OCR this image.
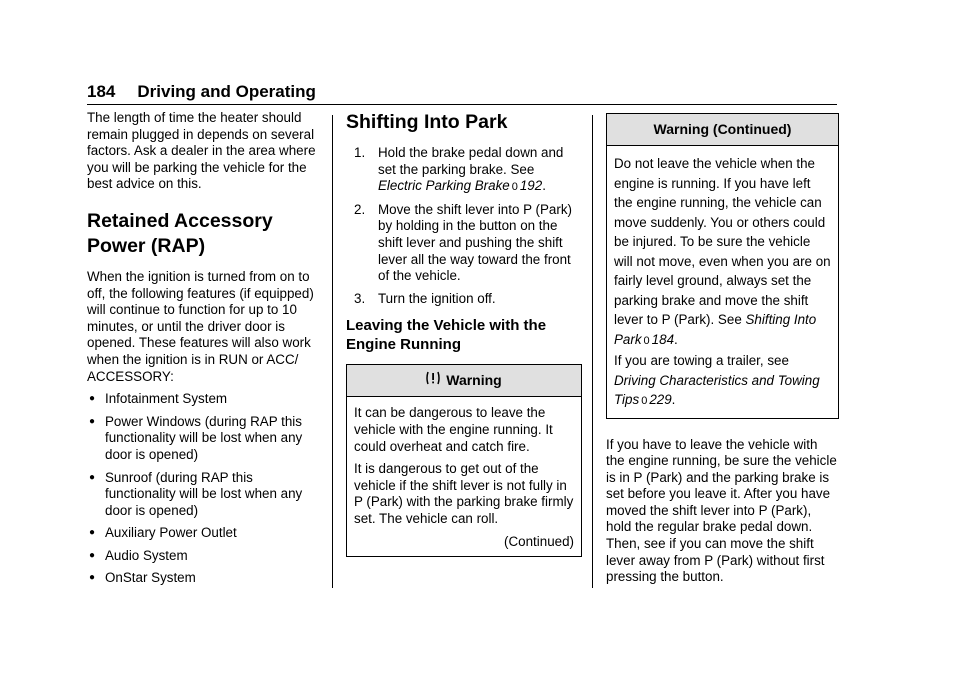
184 Driving and Operating

The length of time the heater should remain plugged in depends on several factors. Ask a dealer in the area where you will be parking the vehicle for the best advice on this.

Retained Accessory
Power (RAP)

When the ignition is turned from on to off, the following features (if equipped) will continue to function for up to 10 minutes, or until the driver door is opened. These features will also work when the ignition is in RUN or ACC/ ACCESSORY:

● Infotainment System
● Power Windows (during RAP this functionality will be lost when any door is opened)
● Sunroof (during RAP this functionality will be lost when any door is opened)
● Auxiliary Power Outlet
● Audio System
● OnStar System
Shifting Into Park
1. Hold the brake pedal down and set the parking brake. See
Electric Parking Brake 0 192.
2. Move the shift lever into P (Park) by holding in the button on the shift lever and pushing the shift lever all the way toward the front of the vehicle.
3. Turn the ignition off.
Leaving the Vehicle with the Engine Running
Warning

It can be dangerous to leave the vehicle with the engine running. It could overheat and catch fire.

It is dangerous to get out of the vehicle if the shift lever is not fully in P (Park) with the parking brake firmly set. The vehicle can roll.

(Continued)

Warning (Continued)

Do not leave the vehicle when the engine is running. If you have left the engine running, the vehicle can move suddenly. You or others could be injured. To be sure the vehicle will not move, even when you are on fairly level ground, always set the parking brake and move the shift lever to P (Park). See Shifting Into Park 0 184.

If you are towing a trailer, see
Driving Characteristics and Towing Tips 0 229.

If you have to leave the vehicle with the engine running, be sure the vehicle is in P (Park) and the parking brake is set before you leave it. After you have moved the shift lever into P (Park), hold the regular brake pedal down. Then, see if you can move the shift lever away from P (Park) without first pressing the button.
